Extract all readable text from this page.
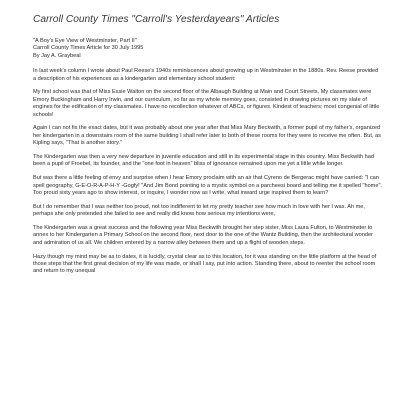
Carroll County Times "Carroll's Yesterdayears" Articles
"A Boy's Eye View of Westminster, Part II"
Carroll County Times Article for 30 July 1995
By Jay A. Graybeal

In last week's column I wrote about Paul Reese's 1940s reminiscences about growing up in Westminster in the 1880s. Rev. Reese provided a description of his experiences as a kindergarten and elementary school student:

My first school was that of Miss Essie Walton on the second floor of the Albaugh Building at Main and Court Streets. My classmates were Emory Buckingham and Harry Irwin, and our curriculum, so far as my whole memory goes, consisted in drawing pictures on my slate of engines for the edification of my classmates. I have no recollection whatever of ABCs, or figures. Kindest of teachers; most congenial of little schools!

Again I can not fix the exact dates, but it was probably about one year after that Miss Mary Beckwith, a former pupil of my father's, organized her kindergarten in a downstairs room of the same building I shall refer later to both of these rooms for they were to receive me often. But, as Kipling says, "That is another story."

The Kindergarten was then a very new departure in juvenile education and still in its experimental stage in this country. Miss Beckwith had been a pupil of Froebel, its founder, and the "one foot in heaven" bliss of ignorance remained upon me yet a little while longer.

But was there a little feeling of envy and surprise when I hear Emory proclaim with an air that Cyreno de Bergerac might have carried: "I can spell geography, G-E-O-R-A-P-H-Y -Gogfy! "And Jim Bond pointing to a mystic symbol on a parcheesi board and telling me it spelled "home". Too proud sixty years ago to show interest, or inquire, I wonder now as I write, what inward urge inspired them to learn?

But I do remember that I was neither too proud, not too indifferent to let my pretty teacher see how much in love with her I was. Ah me, perhaps she only pretended she failed to see and really did know how serious my intentions were,

The Kindergarten was a great success and the following year Miss Beckwith brought her step sister, Miss Laura Fulton, to Westminster to annex to her Kindergarten a Primary School on the second floor, next door to the one of the Wantz Building, then the architectural wonder and admiration of us all. We children entered by a narrow alley between them and up a flight of wooden steps.

Hazy though my mind may be as to dates, it is lucidly, crystal clear as to this location, for it was standing on the little platform at the head of those steps that the first great decision of my life was made, or shall I say, put into action. Standing there, about to reenter the school room and return to my unequal
